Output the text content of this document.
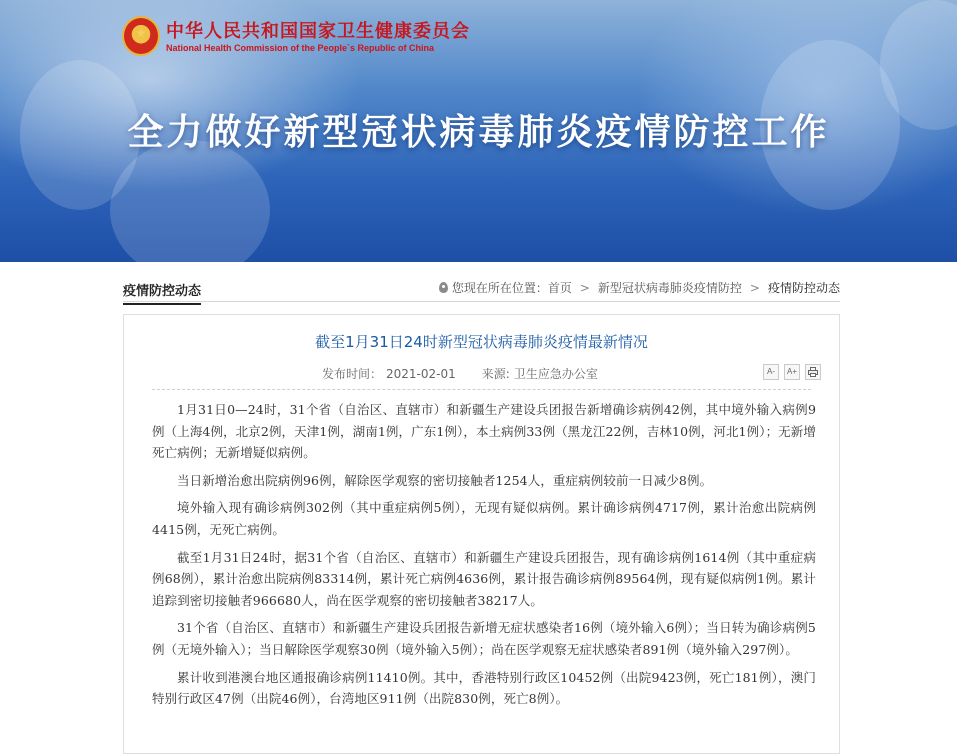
中华人民共和国国家卫生健康委员会
National Health Commission of the People`s Republic of China
全力做好新型冠状病毒肺炎疫情防控工作
疫情防控动态	您现在所在位置： 首页 > 新型冠状病毒肺炎疫情防控 > 疫情防控动态
截至1月31日24时新型冠状病毒肺炎疫情最新情况
发布时间： 2021-02-01 来源: 卫生应急办公室	A-	A+

1月31日0—24时，31个省（自治区、直辖市）和新疆生产建设兵团报告新增确诊病例42例，其中境外输入病例9例（上海4例，北京2例，天津1例，湖南1例，广东1例），本土病例33例（黑龙江22例，吉林10例，河北1例）；无新增死亡病例；无新增疑似病例。

当日新增治愈出院病例96例，解除医学观察的密切接触者1254人，重症病例较前一日减少8例。

境外输入现有确诊病例302例（其中重症病例5例），无现有疑似病例。累计确诊病例4717例，累计治愈出院病例4415例，无死亡病例。

截至1月31日24时，据31个省（自治区、直辖市）和新疆生产建设兵团报告，现有确诊病例1614例（其中重症病例68例），累计治愈出院病例83314例，累计死亡病例4636例，累计报告确诊病例89564例，现有疑似病例1例。累计追踪到密切接触者966680人，尚在医学观察的密切接触者38217人。

31个省（自治区、直辖市）和新疆生产建设兵团报告新增无症状感染者16例（境外输入6例）；当日转为确诊病例5例（无境外输入）；当日解除医学观察30例（境外输入5例）；尚在医学观察无症状感染者891例（境外输入297例）。

累计收到港澳台地区通报确诊病例11410例。其中，香港特别行政区10452例（出院9423例，死亡181例），澳门特别行政区47例（出院46例），台湾地区911例（出院830例，死亡8例）。
